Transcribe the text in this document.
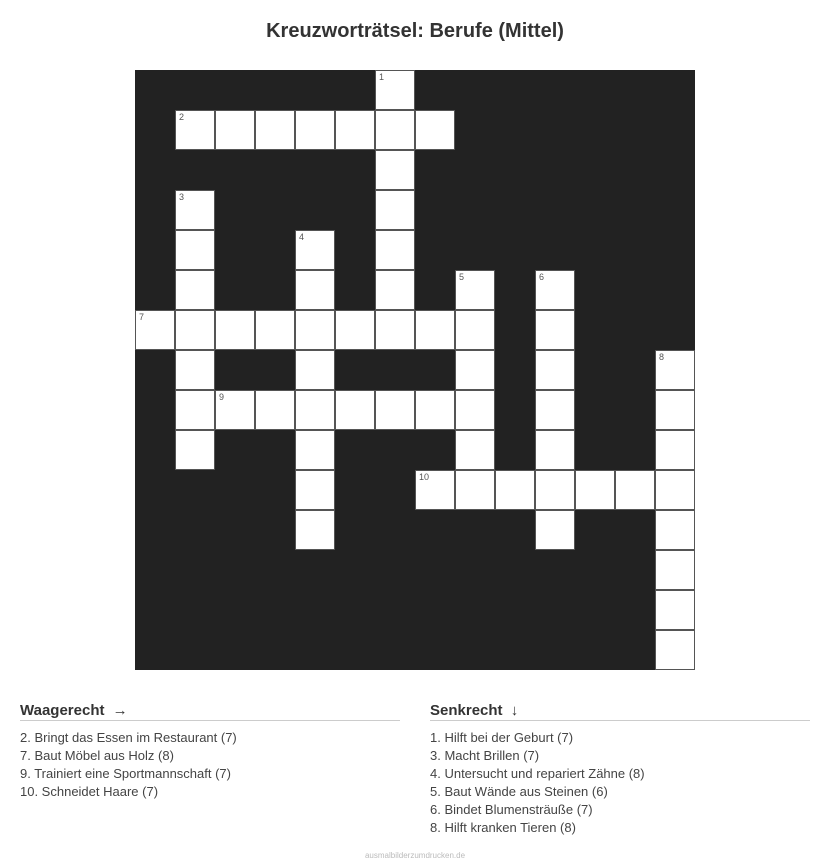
Kreuzworträtsel: Berufe (Mittel)
1
2
3
4
5	6
7
8
9
10
Waagerecht →
2. Bringt das Essen im Restaurant (7)
7. Baut Möbel aus Holz (8)
9. Trainiert eine Sportmannschaft (7)
10. Schneidet Haare (7)
Senkrecht ↓
1. Hilft bei der Geburt (7)
3. Macht Brillen (7)
4. Untersucht und repariert Zähne (8)
5. Baut Wände aus Steinen (6)
6. Bindet Blumensträuße (7)
8. Hilft kranken Tieren (8)
ausmalbilderzumdrucken.de
